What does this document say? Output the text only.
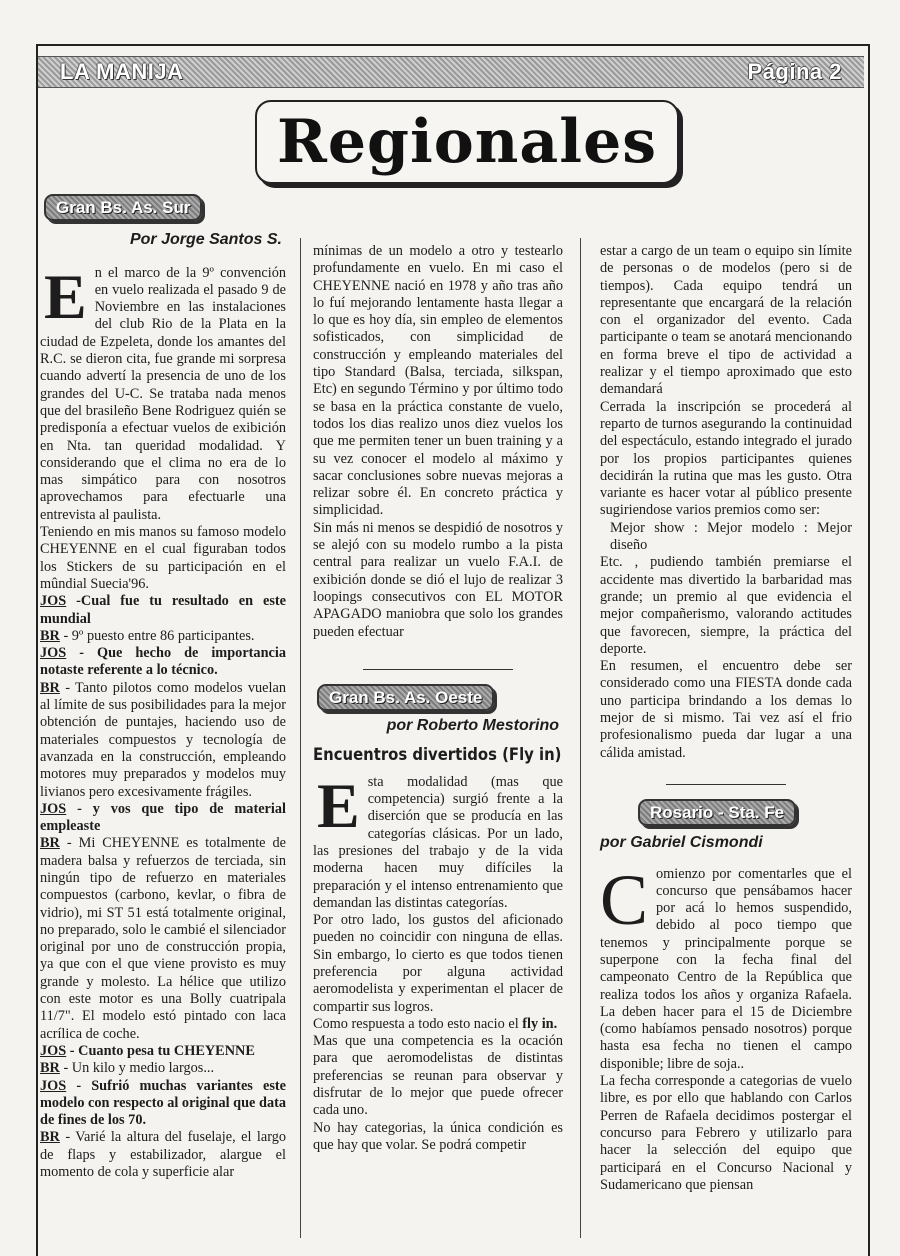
LA MANIJA	Página 2
Regionales
Gran Bs. As. Sur
Por Jorge Santos S.

En el marco de la 9º convención en vuelo realizada el pasado 9 de Noviembre en las instalaciones del club Rio de la Plata en la ciudad de Ezpeleta, donde los amantes del R.C. se dieron cita, fue grande mi sorpresa cuando advertí la presencia de uno de los grandes del U-C. Se trataba nada menos que del brasileño Bene Rodriguez quién se predisponía a efectuar vuelos de exibición en Nta. tan queridad modalidad. Y considerando que el clima no era de lo mas simpático para con nosotros aprovechamos para efectuarle una entrevista al paulista.

Teniendo en mis manos su famoso modelo CHEYENNE en el cual figuraban todos los Stickers de su participación en el mûndial Suecia'96.

JOS -Cual fue tu resultado en este mundial

BR - 9º puesto entre 86 participantes.

JOS - Que hecho de importancia notaste referente a lo técnico.

BR - Tanto pilotos como modelos vuelan al límite de sus posibilidades para la mejor obtención de puntajes, haciendo uso de materiales compuestos y tecnología de avanzada en la construcción, empleando motores muy preparados y modelos muy livianos pero excesivamente frágiles.

JOS - y vos que tipo de material empleaste

BR - Mi CHEYENNE es totalmente de madera balsa y refuerzos de terciada, sin ningún tipo de refuerzo en materiales compuestos (carbono, kevlar, o fibra de vidrio), mi ST 51 está totalmente original, no preparado, solo le cambié el silenciador original por uno de construcción propia, ya que con el que viene provisto es muy grande y molesto. La hélice que utilizo con este motor es una Bolly cuatripala 11/7". El modelo estó pintado con laca acrílica de coche.

JOS - Cuanto pesa tu CHEYENNE

BR - Un kilo y medio largos...

JOS - Sufrió muchas variantes este modelo con respecto al original que data de fines de los 70.

BR - Varié la altura del fuselaje, el largo de flaps y estabilizador, alargue el momento de cola y superficie alar

mínimas de un modelo a otro y testearlo profundamente en vuelo. En mi caso el CHEYENNE nació en 1978 y año tras año lo fuí mejorando lentamente hasta llegar a lo que es hoy día, sin empleo de elementos sofisticados, con simplicidad de construcción y empleando materiales del tipo Standard (Balsa, terciada, silkspan, Etc) en segundo Término y por último todo se basa en la práctica constante de vuelo, todos los dias realizo unos diez vuelos los que me permiten tener un buen training y a su vez conocer el modelo al máximo y sacar conclusiones sobre nuevas mejoras a relizar sobre él. En concreto práctica y simplicidad.

Sin más ni menos se despidió de nosotros y se alejó con su modelo rumbo a la pista central para realizar un vuelo F.A.I. de exibición donde se dió el lujo de realizar 3 loopings consecutivos con EL MOTOR APAGADO maniobra que solo los grandes pueden efectuar

Gran Bs. As. Oeste
por Roberto Mestorino
Encuentros divertidos (Fly in)

Esta modalidad (mas que competencia) surgió frente a la diserción que se producía en las categorías clásicas. Por un lado, las presiones del trabajo y de la vida moderna hacen muy difíciles la preparación y el intenso entrenamiento que demandan las distintas categorías.

Por otro lado, los gustos del aficionado pueden no coincidir con ninguna de ellas. Sin embargo, lo cierto es que todos tienen preferencia por alguna actividad aeromodelista y experimentan el placer de compartir sus logros.

Como respuesta a todo esto nacio el fly in.

Mas que una competencia es la ocación para que aeromodelistas de distintas preferencias se reunan para observar y disfrutar de lo mejor que puede ofrecer cada uno.

No hay categorias, la única condición es que hay que volar. Se podrá competir

estar a cargo de un team o equipo sin límite de personas o de modelos (pero si de tiempos). Cada equipo tendrá un representante que encargará de la relación con el organizador del evento. Cada participante o team se anotará mencionando en forma breve el tipo de actividad a realizar y el tiempo aproximado que esto demandará

Cerrada la inscripción se procederá al reparto de turnos asegurando la continuidad del espectáculo, estando integrado el jurado por los propios participantes quienes decidirán la rutina que mas les gusto. Otra variante es hacer votar al público presente sugiriendose varios premios como ser:

Mejor show : Mejor modelo : Mejor diseño

Etc. , pudiendo también premiarse el accidente mas divertido la barbaridad mas grande; un premio al que evidencia el mejor compañerismo, valorando actitudes que favorecen, siempre, la práctica del deporte.

En resumen, el encuentro debe ser considerado como una FIESTA donde cada uno participa brindando a los demas lo mejor de si mismo. Tai vez así el frio profesionalismo pueda dar lugar a una cálida amistad.

Rosario - Sta. Fe
por Gabriel Cismondi

Comienzo por comentarles que el concurso que pensábamos hacer por acá lo hemos suspendido, debido al poco tiempo que tenemos y principalmente porque se superpone con la fecha final del campeonato Centro de la República que realiza todos los años y organiza Rafaela. La deben hacer para el 15 de Diciembre (como habíamos pensado nosotros) porque hasta esa fecha no tienen el campo disponible; libre de soja..

La fecha corresponde a categorias de vuelo libre, es por ello que hablando con Carlos Perren de Rafaela decidimos postergar el concurso para Febrero y utilizarlo para hacer la selección del equipo que participará en el Concurso Nacional y Sudamericano que piensan
